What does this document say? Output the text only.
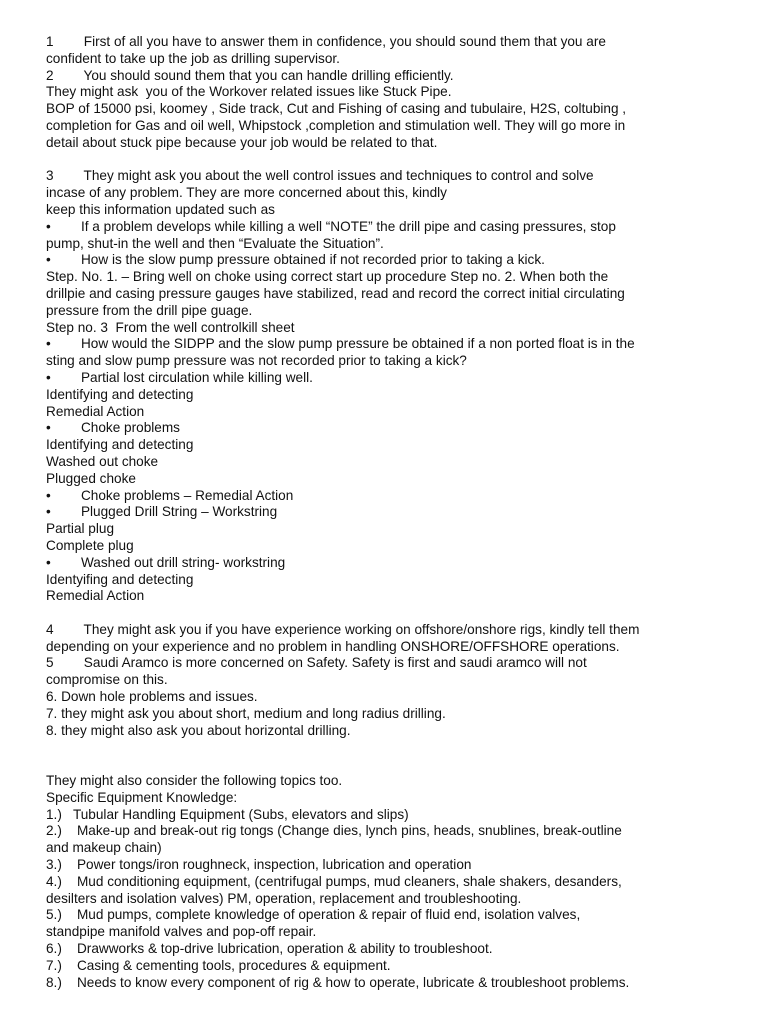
1        First of all you have to answer them in confidence, you should sound them that you are
confident to take up the job as drilling supervisor.
2        You should sound them that you can handle drilling efficiently.
They might ask  you of the Workover related issues like Stuck Pipe.
BOP of 15000 psi, koomey , Side track, Cut and Fishing of casing and tubulaire, H2S, coltubing ,
completion for Gas and oil well, Whipstock ,completion and stimulation well. They will go more in
detail about stuck pipe because your job would be related to that.
3        They might ask you about the well control issues and techniques to control and solve
incase of any problem. They are more concerned about this, kindly
keep this information updated such as
•        If a problem develops while killing a well “NOTE” the drill pipe and casing pressures, stop
pump, shut-in the well and then “Evaluate the Situation”.
•        How is the slow pump pressure obtained if not recorded prior to taking a kick.
Step. No. 1. – Bring well on choke using correct start up procedure Step no. 2. When both the
drillpie and casing pressure gauges have stabilized, read and record the correct initial circulating
pressure from the drill pipe guage.
Step no. 3  From the well controlkill sheet
•        How would the SIDPP and the slow pump pressure be obtained if a non ported float is in the
sting and slow pump pressure was not recorded prior to taking a kick?
•        Partial lost circulation while killing well.
Identifying and detecting
Remedial Action
•        Choke problems
Identifying and detecting
Washed out choke
Plugged choke
•        Choke problems – Remedial Action
•        Plugged Drill String – Workstring
Partial plug
Complete plug
•        Washed out drill string- workstring
Identyifing and detecting
Remedial Action
4        They might ask you if you have experience working on offshore/onshore rigs, kindly tell them
depending on your experience and no problem in handling ONSHORE/OFFSHORE operations.
5        Saudi Aramco is more concerned on Safety. Safety is first and saudi aramco will not
compromise on this.
6. Down hole problems and issues.
7. they might ask you about short, medium and long radius drilling.
8. they might also ask you about horizontal drilling.
They might also consider the following topics too.
Specific Equipment Knowledge:
1.)   Tubular Handling Equipment (Subs, elevators and slips)
2.)    Make-up and break-out rig tongs (Change dies, lynch pins, heads, snublines, break-outline
and makeup chain)
3.)    Power tongs/iron roughneck, inspection, lubrication and operation
4.)    Mud conditioning equipment, (centrifugal pumps, mud cleaners, shale shakers, desanders,
desilters and isolation valves) PM, operation, replacement and troubleshooting.
5.)    Mud pumps, complete knowledge of operation & repair of fluid end, isolation valves,
standpipe manifold valves and pop-off repair.
6.)    Drawworks & top-drive lubrication, operation & ability to troubleshoot.
7.)    Casing & cementing tools, procedures & equipment.
8.)    Needs to know every component of rig & how to operate, lubricate & troubleshoot problems.
